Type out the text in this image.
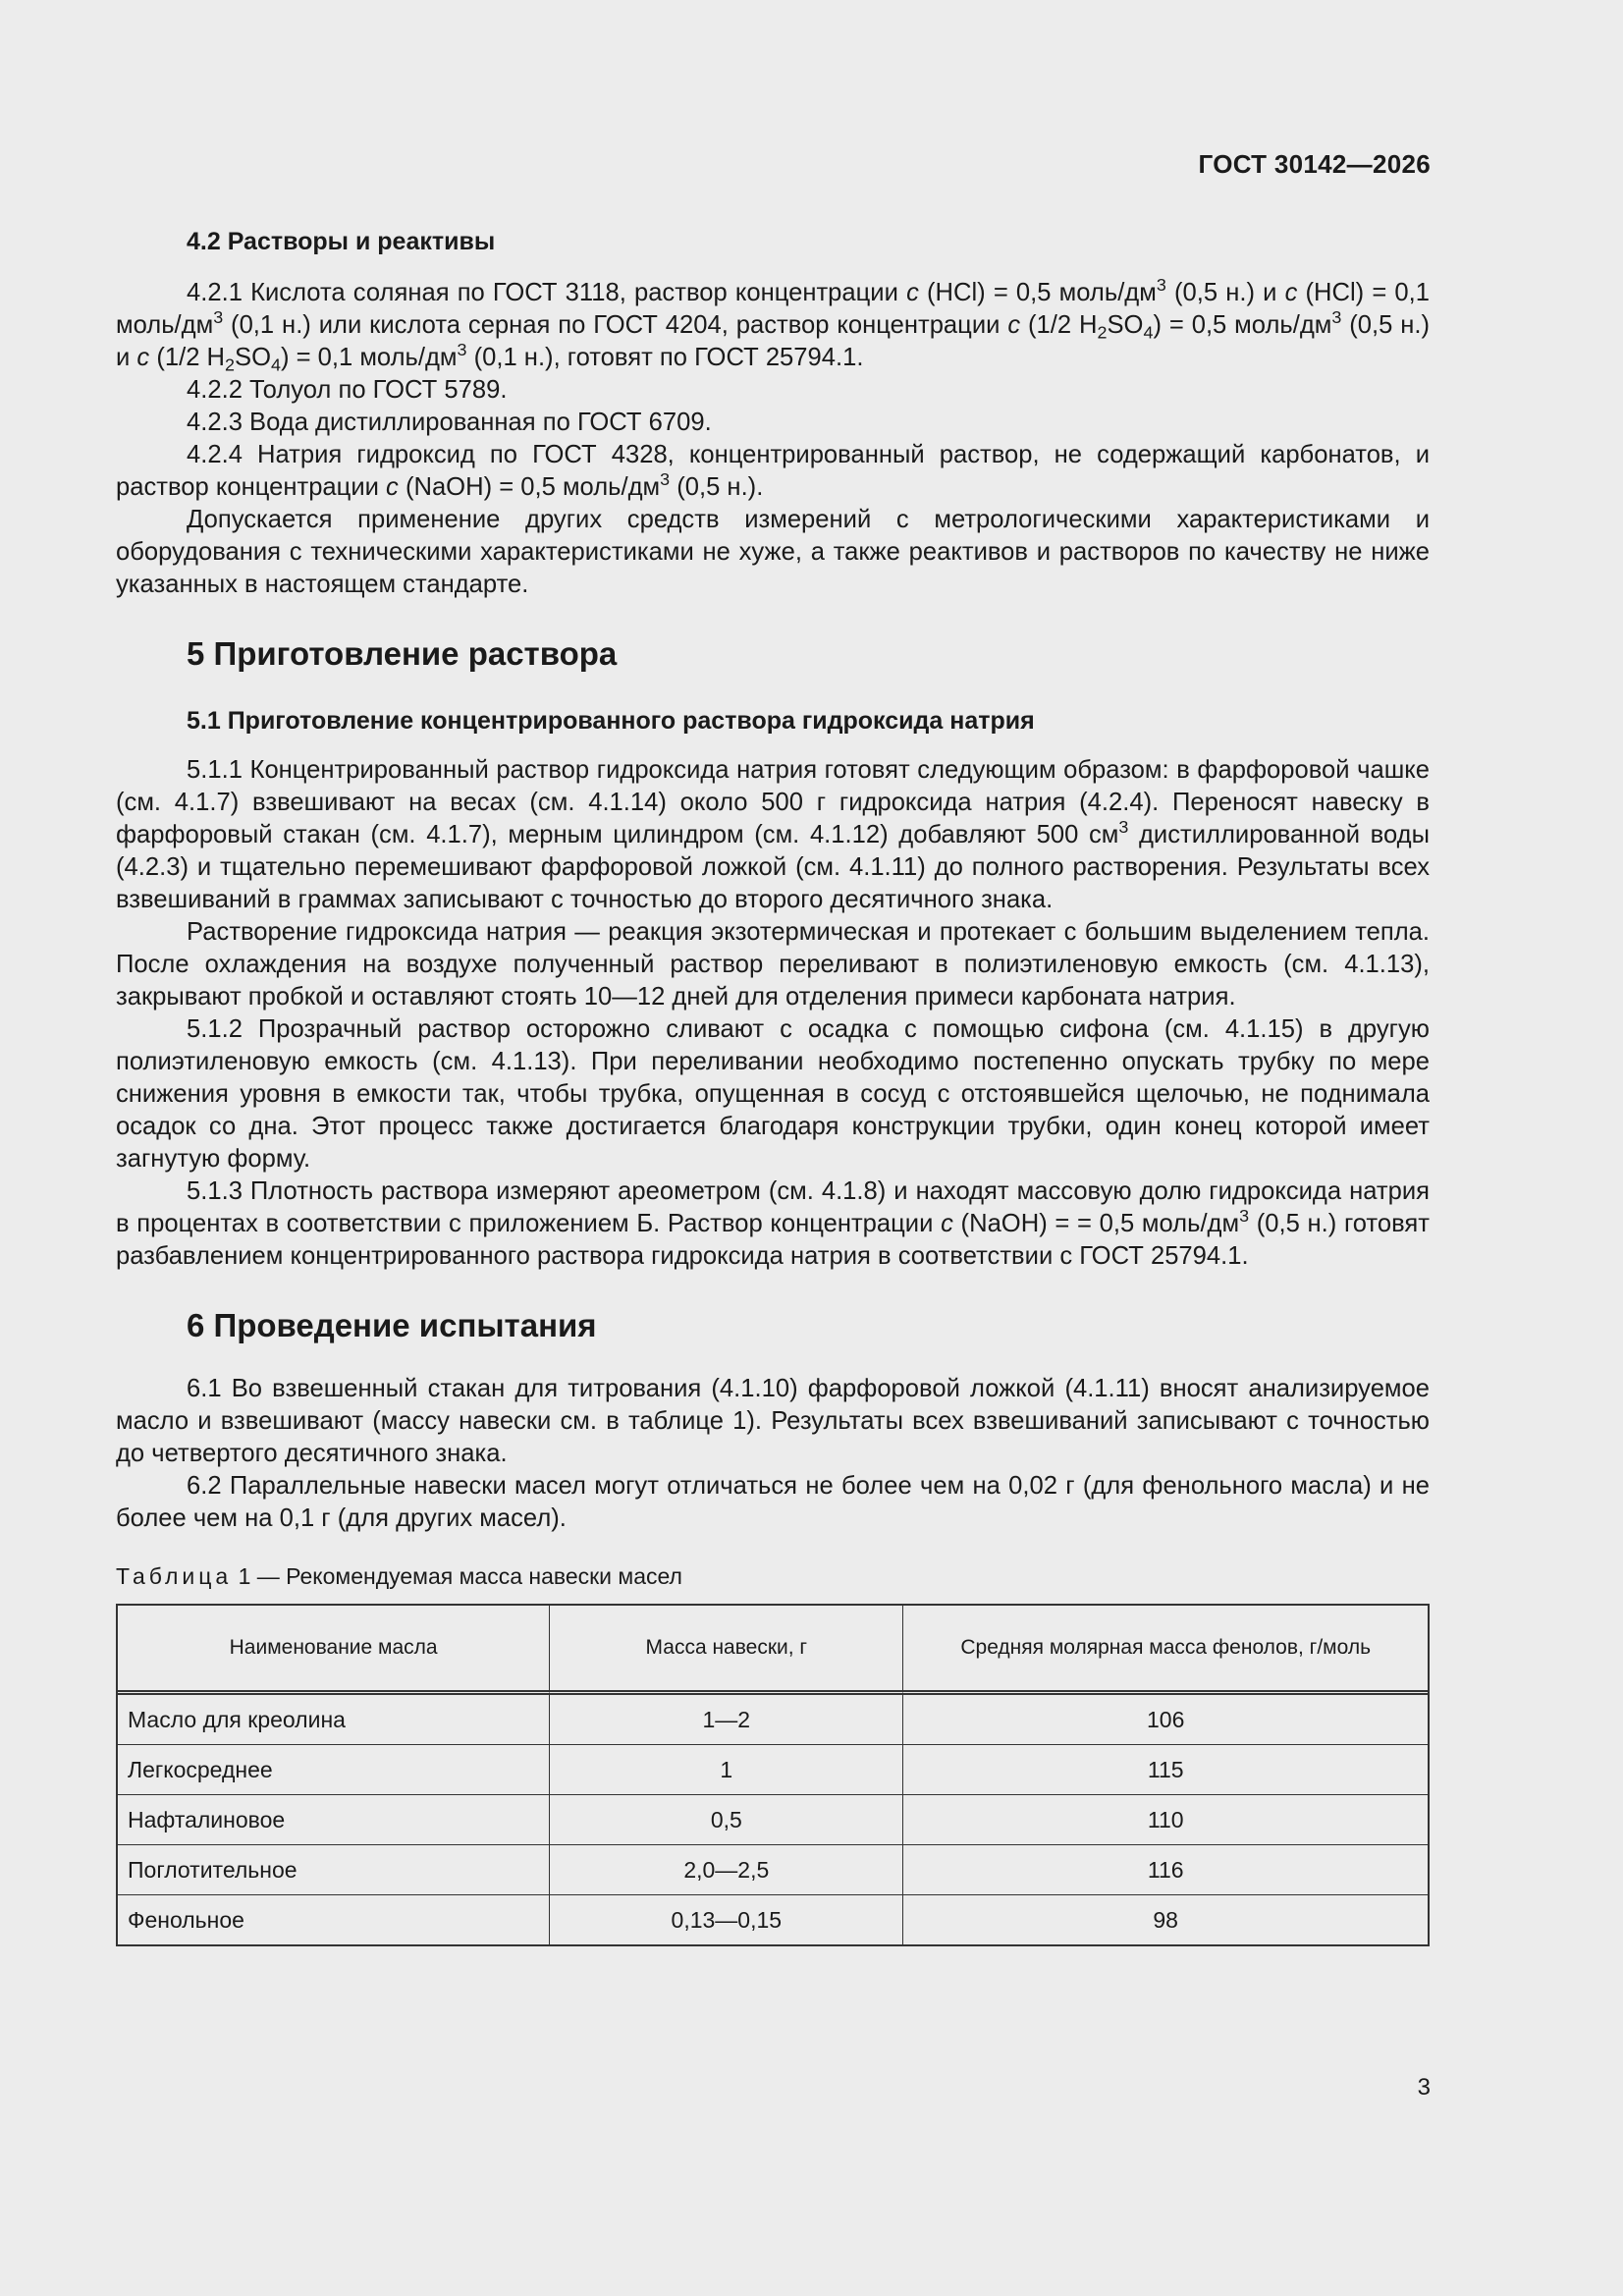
ГОСТ 30142—2026
4.2 Растворы и реактивы

4.2.1 Кислота соляная по ГОСТ 3118, раствор концентрации c (HCl) = 0,5 моль/$дм^3$ (0,5 н.) и c (HCl) = 0,1 моль/$дм^3$ (0,1 н.) или кислота серная по ГОСТ 4204, раствор концентрации c (1/2 $H_2SO_4) = 0,5$ моль/$дм^3$ (0,5 н.) и c (1/2 $H_2SO_4) = 0,1$ моль/$дм^3$ (0,1 н.), готовят по ГОСТ 25794.1.

4.2.2 Толуол по ГОСТ 5789.

4.2.3 Вода дистиллированная по ГОСТ 6709.

4.2.4 Натрия гидроксид по ГОСТ 4328, концентрированный раствор, не содержащий карбонатов, и раствор концентрации c (NaOH) = 0,5 моль/$дм^3$ (0,5 н.).

Допускается применение других средств измерений с метрологическими характеристиками и оборудования с техническими характеристиками не хуже, а также реактивов и растворов по качеству не ниже указанных в настоящем стандарте.

5 Приготовление раствора
5.1 Приготовление концентрированного раствора гидроксида натрия

5.1.1 Концентрированный раствор гидроксида натрия готовят следующим образом: в фарфоровой чашке (см. 4.1.7) взвешивают на весах (см. 4.1.14) около 500 г гидроксида натрия (4.2.4). Переносят навеску в фарфоровый стакан (см. 4.1.7), мерным цилиндром (см. 4.1.12) добавляют 500 $см^3$ дистиллированной воды (4.2.3) и тщательно перемешивают фарфоровой ложкой (см. 4.1.11) до полного растворения. Результаты всех взвешиваний в граммах записывают с точностью до второго десятичного знака.

Растворение гидроксида натрия — реакция экзотермическая и протекает с большим выделением тепла. После охлаждения на воздухе полученный раствор переливают в полиэтиленовую емкость (см. 4.1.13), закрывают пробкой и оставляют стоять 10—12 дней для отделения примеси карбоната натрия.

5.1.2 Прозрачный раствор осторожно сливают с осадка с помощью сифона (см. 4.1.15) в другую полиэтиленовую емкость (см. 4.1.13). При переливании необходимо постепенно опускать трубку по мере снижения уровня в емкости так, чтобы трубка, опущенная в сосуд с отстоявшейся щелочью, не поднимала осадок со дна. Этот процесс также достигается благодаря конструкции трубки, один конец которой имеет загнутую форму.

5.1.3 Плотность раствора измеряют ареометром (см. 4.1.8) и находят массовую долю гидроксида натрия в процентах в соответствии с приложением Б. Раствор концентрации c (NaOH) = = 0,5 моль/$дм^3$ (0,5 н.) готовят разбавлением концентрированного раствора гидроксида натрия в соответствии с ГОСТ 25794.1.

6 Проведение испытания

6.1 Во взвешенный стакан для титрования (4.1.10) фарфоровой ложкой (4.1.11) вносят анализируемое масло и взвешивают (массу навески см. в таблице 1). Результаты всех взвешиваний записывают с точностью до четвертого десятичного знака.

6.2 Параллельные навески масел могут отличаться не более чем на 0,02 г (для фенольного масла) и не более чем на 0,1 г (для других масел).

Таблица 1 — Рекомендуемая масса навески масел
Наименование масла	Масса навески, г	Средняя молярная масса фенолов, г/моль
Масло для креолина	1—2	106
Легкосреднее	1	115
Нафталиновое	0,5	110
Поглотительное	2,0—2,5	116
Фенольное	0,13—0,15	98
3
